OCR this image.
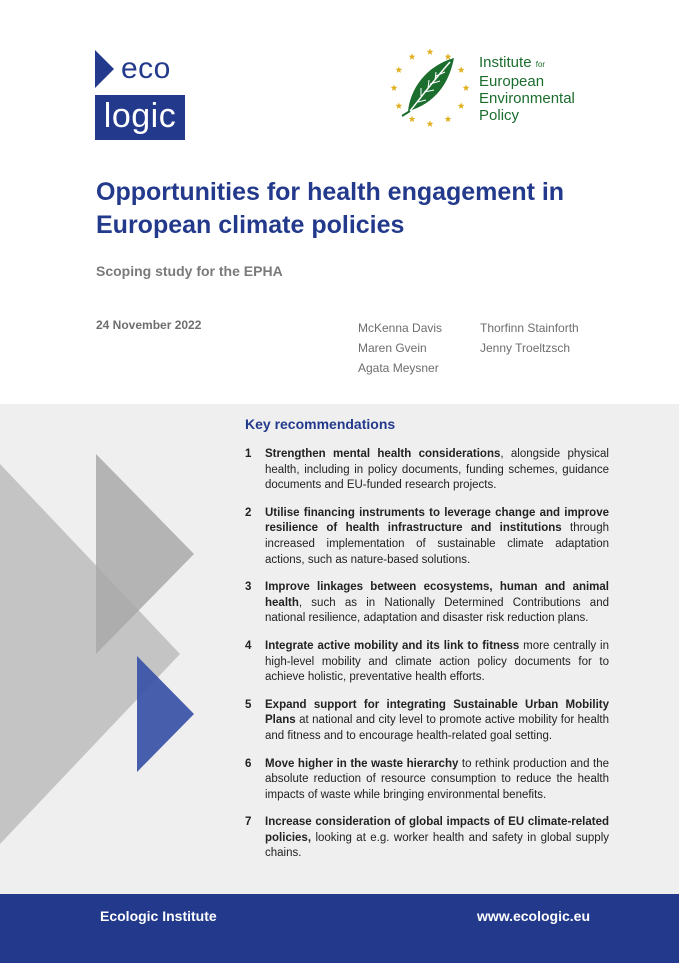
eco
logic
Institute for
European
Environmental
Policy
Opportunities for health engagement in European climate policies
Scoping study for the EPHA
24 November 2022	McKenna Davis
Maren Gvein
Agata Meysner
Thorfinn Stainforth
Jenny Troeltzsch
Key recommendations
1 Strengthen mental health considerations, alongside physical health, including in policy documents, funding schemes, guidance documents and EU-funded research projects.
2 Utilise financing instruments to leverage change and improve resilience of health infrastructure and institutions through increased implementation of sustainable climate adaptation actions, such as nature-based solutions.
3 Improve linkages between ecosystems, human and animal health, such as in Nationally Determined Contributions and national resilience, adaptation and disaster risk reduction plans.
4 Integrate active mobility and its link to fitness more centrally in high-level mobility and climate action policy documents for to achieve holistic, preventative health efforts.
5 Expand support for integrating Sustainable Urban Mobility Plans at national and city level to promote active mobility for health and fitness and to encourage health-related goal setting.
6 Move higher in the waste hierarchy to rethink production and the absolute reduction of resource consumption to reduce the health impacts of waste while bringing environmental benefits.
7 Increase consideration of global impacts of EU climate-related policies, looking at e.g. worker health and safety in global supply chains.
Ecologic Institute	www.ecologic.eu
